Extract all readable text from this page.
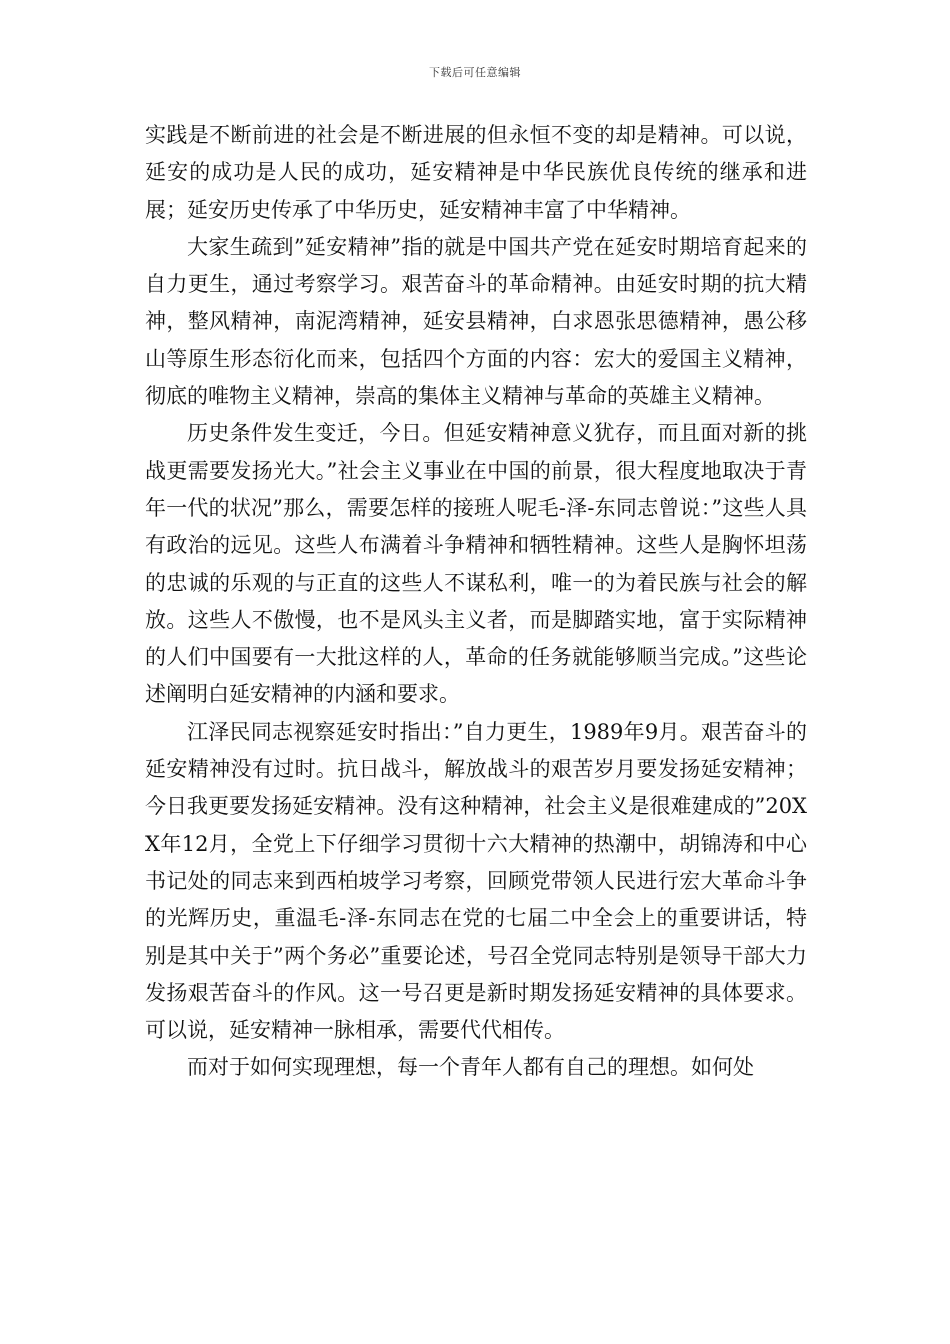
下载后可任意编辑

实践是不断前进的社会是不断进展的但永恒不变的却是精神。可以说，延安的成功是人民的成功，延安精神是中华民族优良传统的继承和进展；延安历史传承了中华历史，延安精神丰富了中华精神。

大家生疏到”延安精神”指的就是中国共产党在延安时期培育起来的自力更生，通过考察学习。艰苦奋斗的革命精神。由延安时期的抗大精神，整风精神，南泥湾精神，延安县精神，白求恩张思德精神，愚公移山等原生形态衍化而来，包括四个方面的内容：宏大的爱国主义精神，彻底的唯物主义精神，崇高的集体主义精神与革命的英雄主义精神。

历史条件发生变迁，今日。但延安精神意义犹存，而且面对新的挑战更需要发扬光大。”社会主义事业在中国的前景，很大程度地取决于青年一代的状况”那么，需要怎样的接班人呢毛-泽-东同志曾说：”这些人具有政治的远见。这些人布满着斗争精神和牺牲精神。这些人是胸怀坦荡的忠诚的乐观的与正直的这些人不谋私利，唯一的为着民族与社会的解放。这些人不傲慢，也不是风头主义者，而是脚踏实地，富于实际精神的人们中国要有一大批这样的人，革命的任务就能够顺当完成。”这些论述阐明白延安精神的内涵和要求。

江泽民同志视察延安时指出：”自力更生，1989年9月。艰苦奋斗的延安精神没有过时。抗日战斗，解放战斗的艰苦岁月要发扬延安精神；今日我更要发扬延安精神。没有这种精神，社会主义是很难建成的”20XX年12月，全党上下仔细学习贯彻十六大精神的热潮中，胡锦涛和中心书记处的同志来到西柏坡学习考察，回顾党带领人民进行宏大革命斗争的光辉历史，重温毛-泽-东同志在党的七届二中全会上的重要讲话，特别是其中关于”两个务必”重要论述，号召全党同志特别是领导干部大力发扬艰苦奋斗的作风。这一号召更是新时期发扬延安精神的具体要求。可以说，延安精神一脉相承，需要代代相传。

而对于如何实现理想，每一个青年人都有自己的理想。如何处
